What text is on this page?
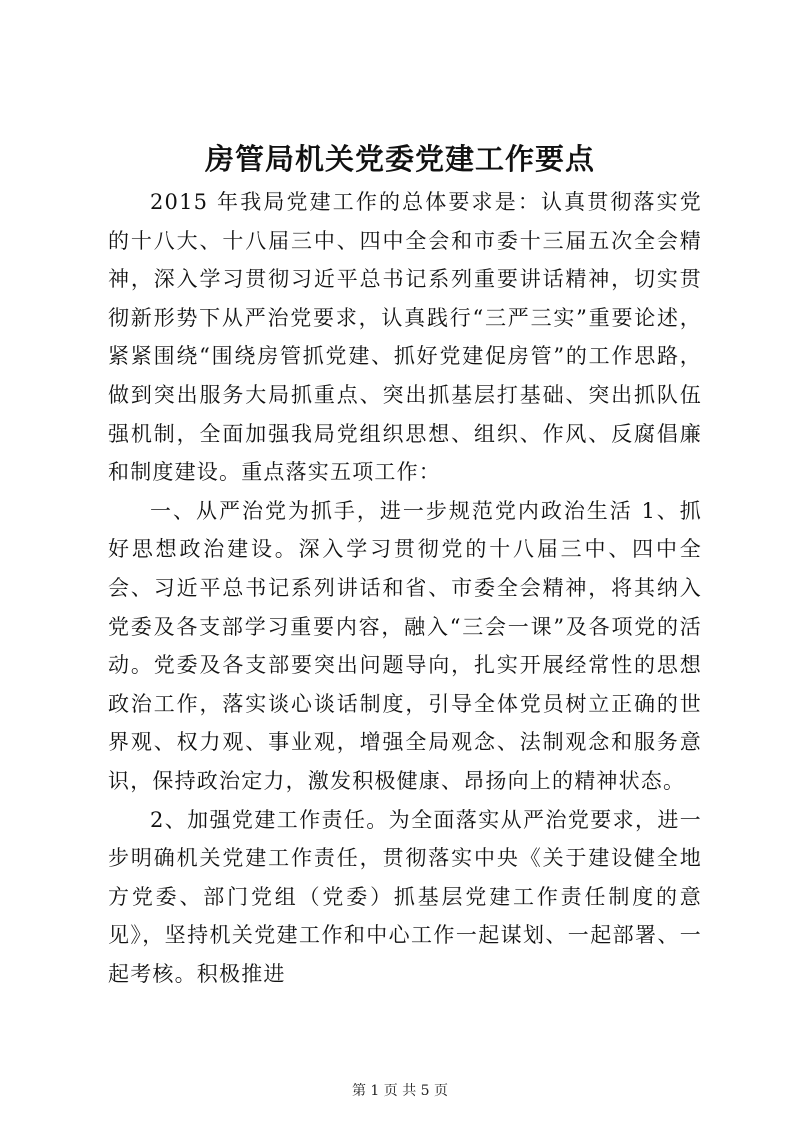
房管局机关党委党建工作要点

2015 年我局党建工作的总体要求是：认真贯彻落实党的十八大、十八届三中、四中全会和市委十三届五次全会精神，深入学习贯彻习近平总书记系列重要讲话精神，切实贯彻新形势下从严治党要求，认真践行“三严三实”重要论述，紧紧围绕“围绕房管抓党建、抓好党建促房管”的工作思路，做到突出服务大局抓重点、突出抓基层打基础、突出抓队伍强机制，全面加强我局党组织思想、组织、作风、反腐倡廉和制度建设。重点落实五项工作：

一、从严治党为抓手，进一步规范党内政治生活 1、抓好思想政治建设。深入学习贯彻党的十八届三中、四中全会、习近平总书记系列讲话和省、市委全会精神，将其纳入党委及各支部学习重要内容，融入“三会一课”及各项党的活动。党委及各支部要突出问题导向，扎实开展经常性的思想政治工作，落实谈心谈话制度，引导全体党员树立正确的世界观、权力观、事业观，增强全局观念、法制观念和服务意识，保持政治定力，激发积极健康、昂扬向上的精神状态。

2、加强党建工作责任。为全面落实从严治党要求，进一步明确机关党建工作责任，贯彻落实中央《关于建设健全地方党委、部门党组（党委）抓基层党建工作责任制度的意见》，坚持机关党建工作和中心工作一起谋划、一起部署、一起考核。积极推进

第 1 页 共 5 页
